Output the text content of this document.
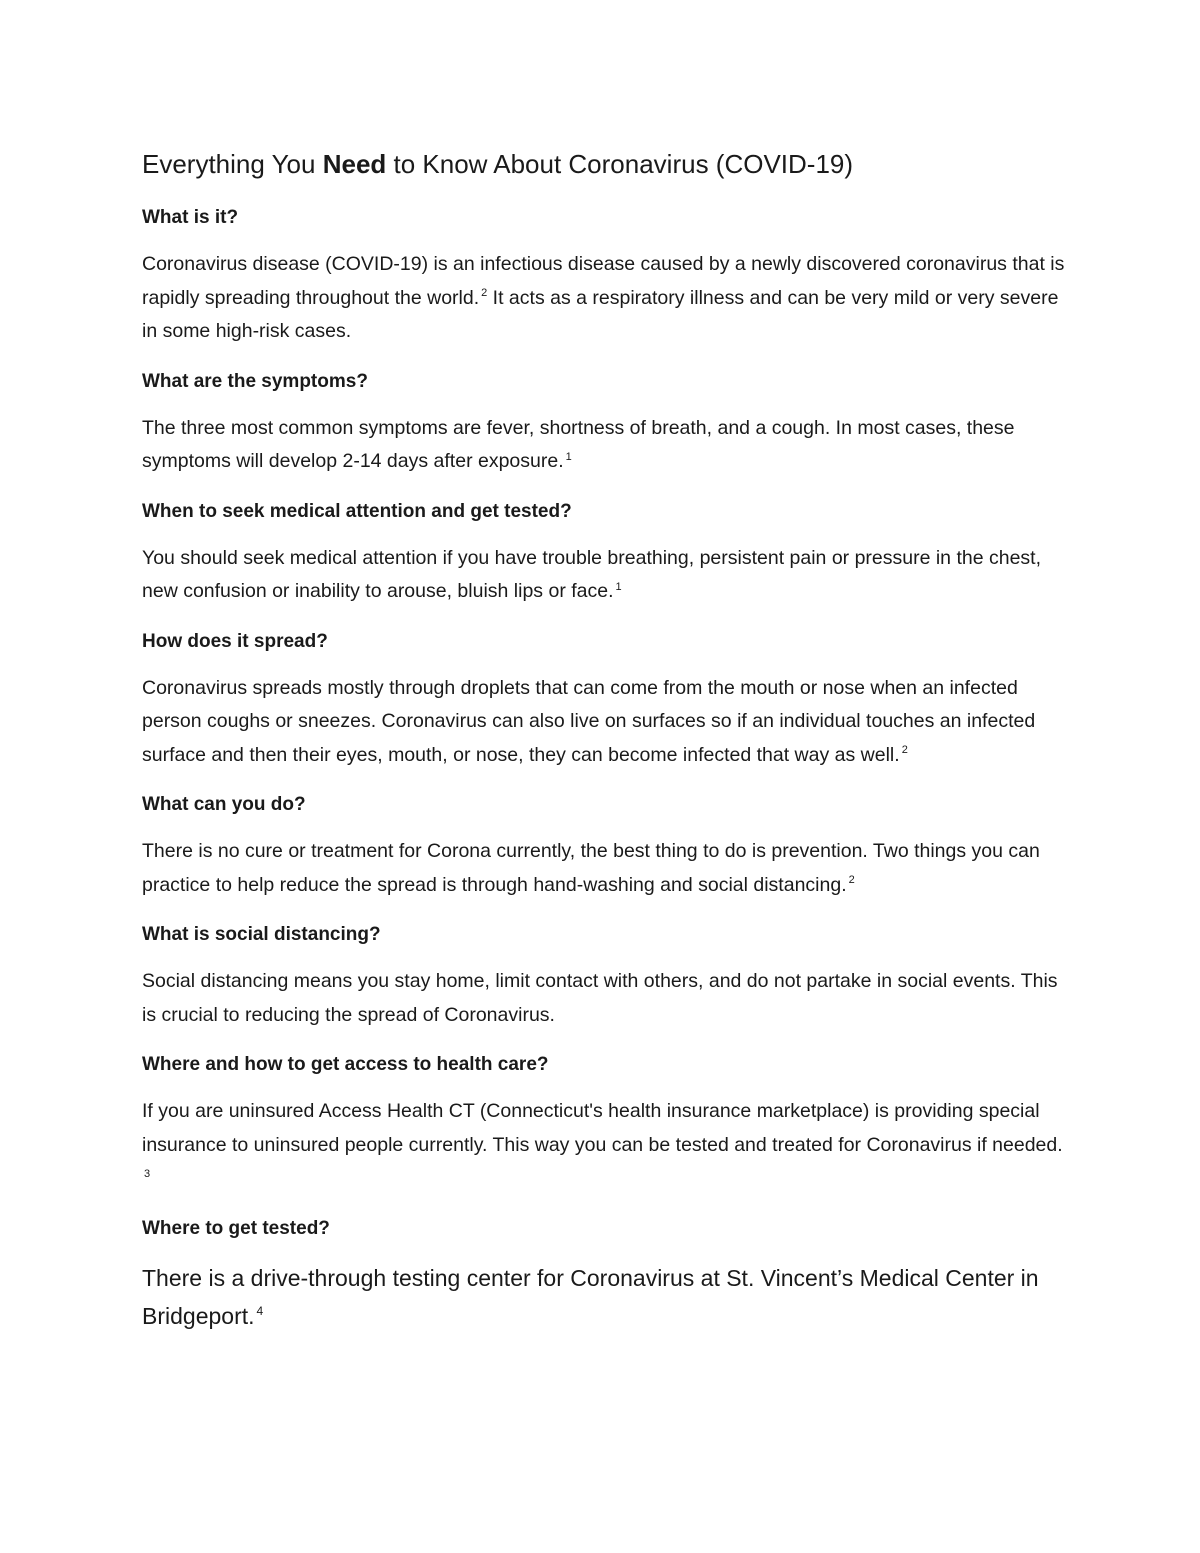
Everything You Need to Know About Coronavirus (COVID-19)

What is it?

Coronavirus disease (COVID-19) is an infectious disease caused by a newly discovered coronavirus that is rapidly spreading throughout the world. $^2$ It acts as a respiratory illness and can be very mild or very severe in some high-risk cases.

What are the symptoms?

The three most common symptoms are fever, shortness of breath, and a cough. In most cases, these symptoms will develop 2-14 days after exposure. $^1$

When to seek medical attention and get tested?

You should seek medical attention if you have trouble breathing, persistent pain or pressure in the chest, new confusion or inability to arouse, bluish lips or face. $^1$

How does it spread?

Coronavirus spreads mostly through droplets that can come from the mouth or nose when an infected person coughs or sneezes. Coronavirus can also live on surfaces so if an individual touches an infected surface and then their eyes, mouth, or nose, they can become infected that way as well. $^2$

What can you do?

There is no cure or treatment for Corona currently, the best thing to do is prevention. Two things you can practice to help reduce the spread is through hand-washing and social distancing. $^2$

What is social distancing?

Social distancing means you stay home, limit contact with others, and do not partake in social events. This is crucial to reducing the spread of Coronavirus.

Where and how to get access to health care?

If you are uninsured Access Health CT (Connecticut's health insurance marketplace) is providing special insurance to uninsured people currently. This way you can be tested and treated for Coronavirus if needed. $^3$

Where to get tested?

There is a drive-through testing center for Coronavirus at St. Vincent’s Medical Center in Bridgeport. $^4$
